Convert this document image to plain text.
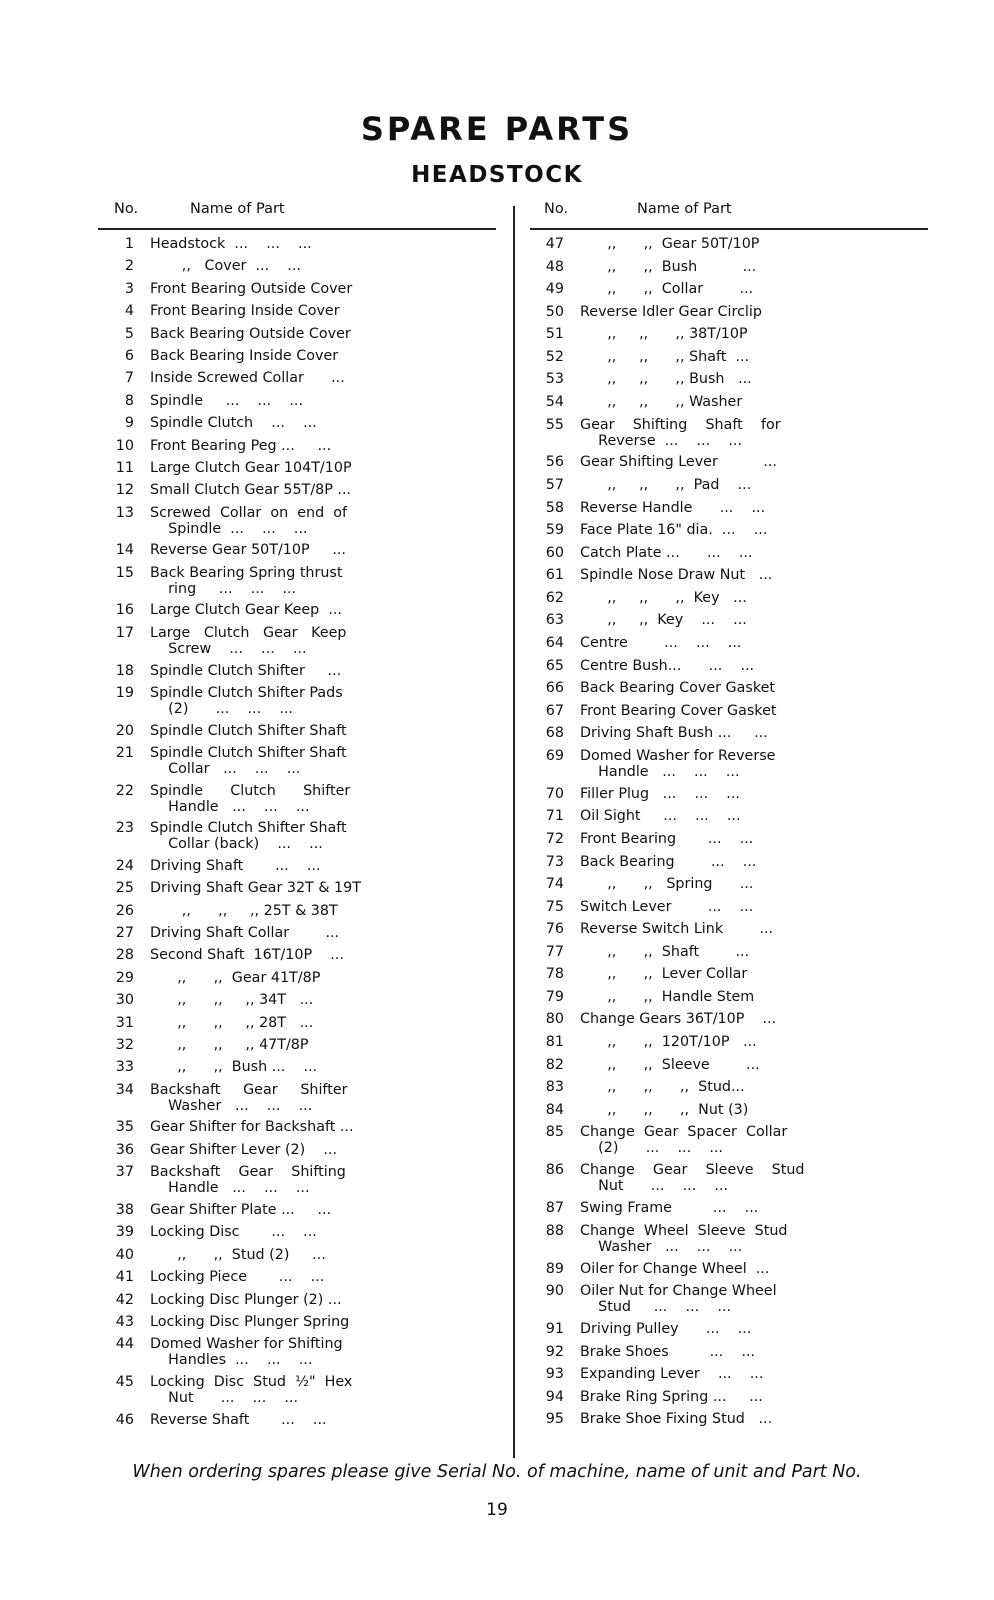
SPARE PARTS
HEADSTOCK
No.	Name of Part	No.	Name of Part
1 Headstock  ...    ...    ...
2 ,,   Cover  ...    ...
3 Front Bearing Outside Cover
4 Front Bearing Inside Cover
5 Back Bearing Outside Cover
6 Back Bearing Inside Cover
7 Inside Screwed Collar      ...
8 Spindle     ...    ...    ...
9 Spindle Clutch    ...    ...
10 Front Bearing Peg ...     ...
11 Large Clutch Gear 104T/10P
12 Small Clutch Gear 55T/8P ...
13 Screwed  Collar  on  end  of
Spindle  ...    ...    ...
14 Reverse Gear 50T/10P     ...
15 Back Bearing Spring thrust
ring     ...    ...    ...
16 Large Clutch Gear Keep  ...
17 Large   Clutch   Gear   Keep
Screw    ...    ...    ...
18 Spindle Clutch Shifter     ...
19 Spindle Clutch Shifter Pads
(2)      ...    ...    ...
20 Spindle Clutch Shifter Shaft
21 Spindle Clutch Shifter Shaft
Collar   ...    ...    ...
22 Spindle      Clutch      Shifter
Handle   ...    ...    ...
23 Spindle Clutch Shifter Shaft
Collar (back)    ...    ...
24 Driving Shaft       ...    ...
25 Driving Shaft Gear 32T & 19T
26 ,,      ,,     ,, 25T & 38T
27 Driving Shaft Collar        ...
28 Second Shaft  16T/10P    ...
29 ,,      ,,  Gear 41T/8P
30 ,,      ,,     ,, 34T   ...
31 ,,      ,,     ,, 28T   ...
32 ,,      ,,     ,, 47T/8P
33 ,,      ,,  Bush ...    ...
34 Backshaft     Gear     Shifter
Washer   ...    ...    ...
35 Gear Shifter for Backshaft ...
36 Gear Shifter Lever (2)    ...
37 Backshaft    Gear    Shifting
Handle   ...    ...    ...
38 Gear Shifter Plate ...     ...
39 Locking Disc       ...    ...
40 ,,      ,,  Stud (2)     ...
41 Locking Piece       ...    ...
42 Locking Disc Plunger (2) ...
43 Locking Disc Plunger Spring
44 Domed Washer for Shifting
Handles  ...    ...    ...
45 Locking  Disc  Stud  ½"  Hex
Nut      ...    ...    ...
46 Reverse Shaft       ...    ...
47 ,,      ,,  Gear 50T/10P
48 ,,      ,,  Bush          ...
49 ,,      ,,  Collar        ...
50 Reverse Idler Gear Circlip
51 ,,     ,,      ,, 38T/10P
52 ,,     ,,      ,, Shaft  ...
53 ,,     ,,      ,, Bush   ...
54 ,,     ,,      ,, Washer
55 Gear    Shifting    Shaft    for
Reverse  ...    ...    ...
56 Gear Shifting Lever          ...
57 ,,     ,,      ,,  Pad    ...
58 Reverse Handle      ...    ...
59 Face Plate 16" dia.  ...    ...
60 Catch Plate ...      ...    ...
61 Spindle Nose Draw Nut   ...
62 ,,     ,,      ,,  Key   ...
63 ,,     ,,  Key    ...    ...
64 Centre        ...    ...    ...
65 Centre Bush...      ...    ...
66 Back Bearing Cover Gasket
67 Front Bearing Cover Gasket
68 Driving Shaft Bush ...     ...
69 Domed Washer for Reverse
Handle   ...    ...    ...
70 Filler Plug   ...    ...    ...
71 Oil Sight     ...    ...    ...
72 Front Bearing       ...    ...
73 Back Bearing        ...    ...
74 ,,      ,,   Spring      ...
75 Switch Lever        ...    ...
76 Reverse Switch Link        ...
77 ,,      ,,  Shaft        ...
78 ,,      ,,  Lever Collar
79 ,,      ,,  Handle Stem
80 Change Gears 36T/10P    ...
81 ,,      ,,  120T/10P   ...
82 ,,      ,,  Sleeve        ...
83 ,,      ,,      ,,  Stud...
84 ,,      ,,      ,,  Nut (3)
85 Change  Gear  Spacer  Collar
(2)      ...    ...    ...
86 Change    Gear    Sleeve    Stud
Nut      ...    ...    ...
87 Swing Frame         ...    ...
88 Change  Wheel  Sleeve  Stud
Washer   ...    ...    ...
89 Oiler for Change Wheel  ...
90 Oiler Nut for Change Wheel
Stud     ...    ...    ...
91 Driving Pulley      ...    ...
92 Brake Shoes         ...    ...
93 Expanding Lever    ...    ...
94 Brake Ring Spring ...     ...
95 Brake Shoe Fixing Stud   ...
When ordering spares please give Serial No. of machine, name of unit and Part No.
19
